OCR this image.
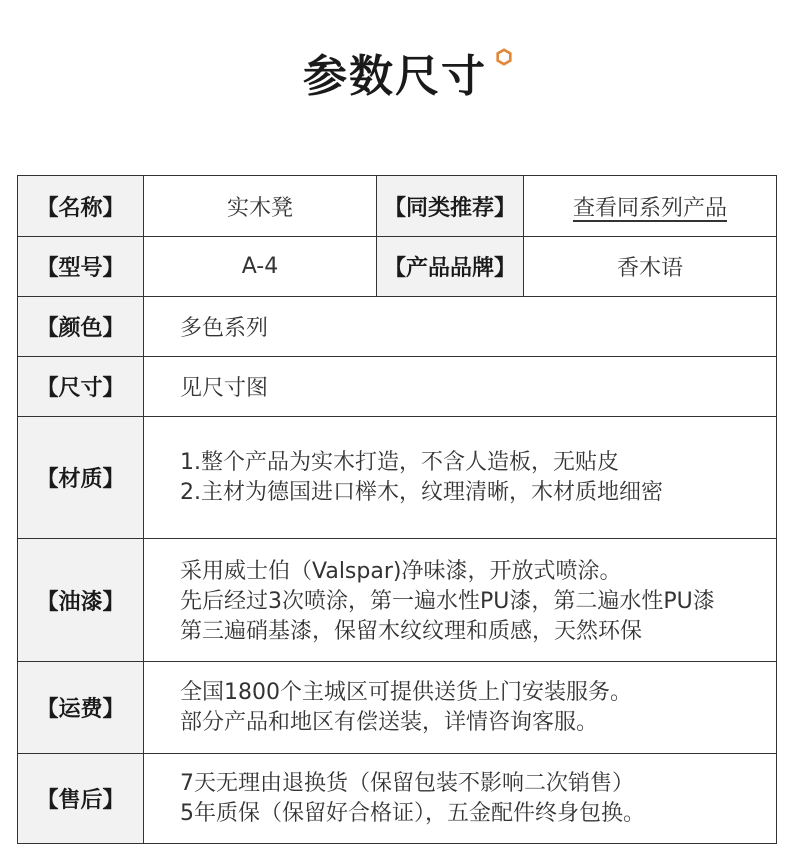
参数尺寸
【名称】	实木凳	【同类推荐】	查看同系列产品
【型号】	A-4	【产品品牌】	香木语
【颜色】	多色系列		
【尺寸】	见尺寸图		
【材质】	1.整个产品为实木打造，不含人造板，无贴皮
2.主材为德国进口榉木，纹理清晰，木材质地细密		

【油漆】	采用威士伯（Valspar)净味漆，开放式喷涂。
先后经过3次喷涂，第一遍水性PU漆，第二遍水性PU漆
第三遍硝基漆，保留木纹纹理和质感，天然环保		

【运费】	全国1800个主城区可提供送货上门安装服务。
部分产品和地区有偿送装，详情咨询客服。		

【售后】	7天无理由退换货（保留包装不影响二次销售）
5年质保（保留好合格证），五金配件终身包换。		
